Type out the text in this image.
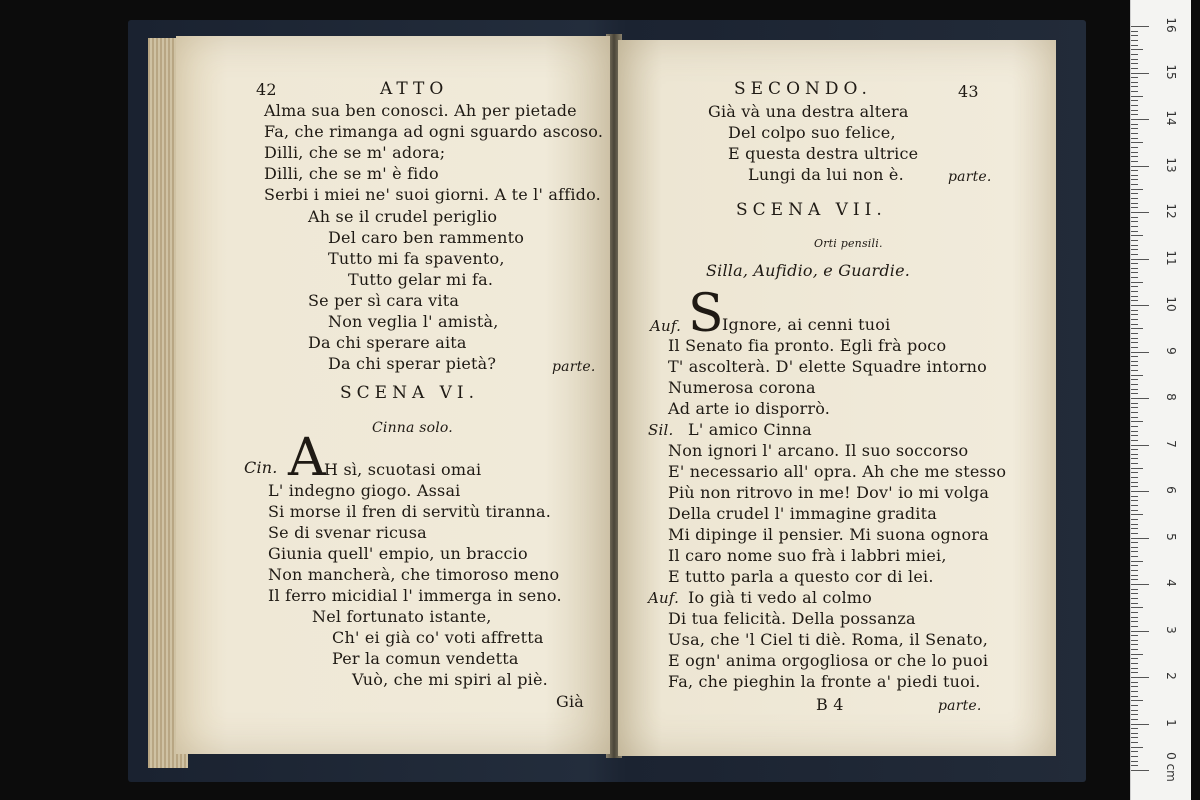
42	ATTO
Alma sua ben conosci. Ah per pietade
Fa, che rimanga ad ogni sguardo ascoso.
Dilli, che se m' adora;
Dilli, che se m' è fido
Serbi i miei ne' suoi giorni. A te l' affido.
Ah se il crudel periglio
Del caro ben rammento
Tutto mi fa spavento,
Tutto gelar mi fa.
Se per sì cara vita
Non veglia l' amistà,
Da chi sperare aita
Da chi sperar pietà?	parte.
SCENA VI.
Cinna solo.
Cin. A
H sì, scuotasi omai
L' indegno giogo. Assai
Si morse il fren di servitù tiranna.
Se di svenar ricusa
Giunia quell' empio, un braccio
Non mancherà, che timoroso meno
Il ferro micidial l' immerga in seno.
Nel fortunato istante,
Ch' ei già co' voti affretta
Per la comun vendetta
Vuò, che mi spiri al piè.
Già
SECONDO.	43
Già và una destra altera
Del colpo suo felice,
E questa destra ultrice
Lungi da lui non è.	parte.
SCENA VII.
Orti pensili.
Silla, Aufidio, e Guardie.
Auf. S
Ignore, ai cenni tuoi
Il Senato fia pronto. Egli frà poco
T' ascolterà. D' elette Squadre intorno
Numerosa corona
Ad arte io disporrò.
Sil. L' amico Cinna
Non ignori l' arcano. Il suo soccorso
E' necessario all' opra. Ah che me stesso
Più non ritrovo in me! Dov' io mi volga
Della crudel l' immagine gradita
Mi dipinge il pensier. Mi suona ognora
Il caro nome suo frà i labbri miei,
E tutto parla a questo cor di lei.
Auf. Io già ti vedo al colmo
Di tua felicità. Della possanza
Usa, che 'l Ciel ti diè. Roma, il Senato,
E ogn' anima orgogliosa or che lo puoi
Fa, che pieghin la fronte a' piedi tuoi.
B 4	parte.
0 cm
1
2
3
4
5
6
7
8
9
10
11
12
13
14
15
16
